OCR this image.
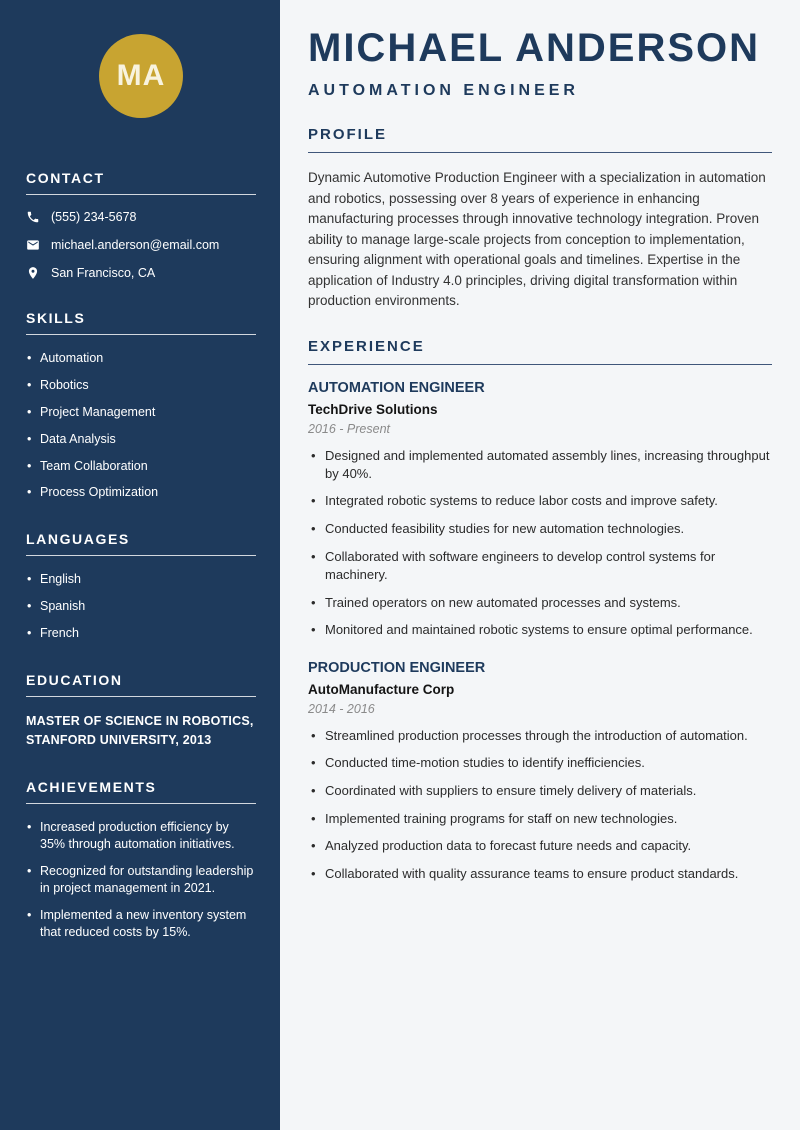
MA
CONTACT
(555) 234-5678
michael.anderson@email.com
San Francisco, CA
SKILLS
• Automation
• Robotics
• Project Management
• Data Analysis
• Team Collaboration
• Process Optimization
LANGUAGES
• English
• Spanish
• French
EDUCATION
MASTER OF SCIENCE IN ROBOTICS, STANFORD UNIVERSITY, 2013
ACHIEVEMENTS
• Increased production efficiency by 35% through automation initiatives.
• Recognized for outstanding leadership in project management in 2021.
• Implemented a new inventory system that reduced costs by 15%.
MICHAEL ANDERSON
AUTOMATION ENGINEER
PROFILE

Dynamic Automotive Production Engineer with a specialization in automation and robotics, possessing over 8 years of experience in enhancing manufacturing processes through innovative technology integration. Proven ability to manage large-scale projects from conception to implementation, ensuring alignment with operational goals and timelines. Expertise in the application of Industry 4.0 principles, driving digital transformation within production environments.

EXPERIENCE
AUTOMATION ENGINEER
TechDrive Solutions
2016 - Present
• Designed and implemented automated assembly lines, increasing throughput by 40%.
• Integrated robotic systems to reduce labor costs and improve safety.
• Conducted feasibility studies for new automation technologies.
• Collaborated with software engineers to develop control systems for machinery.
• Trained operators on new automated processes and systems.
• Monitored and maintained robotic systems to ensure optimal performance.
PRODUCTION ENGINEER
AutoManufacture Corp
2014 - 2016
• Streamlined production processes through the introduction of automation.
• Conducted time-motion studies to identify inefficiencies.
• Coordinated with suppliers to ensure timely delivery of materials.
• Implemented training programs for staff on new technologies.
• Analyzed production data to forecast future needs and capacity.
• Collaborated with quality assurance teams to ensure product standards.
